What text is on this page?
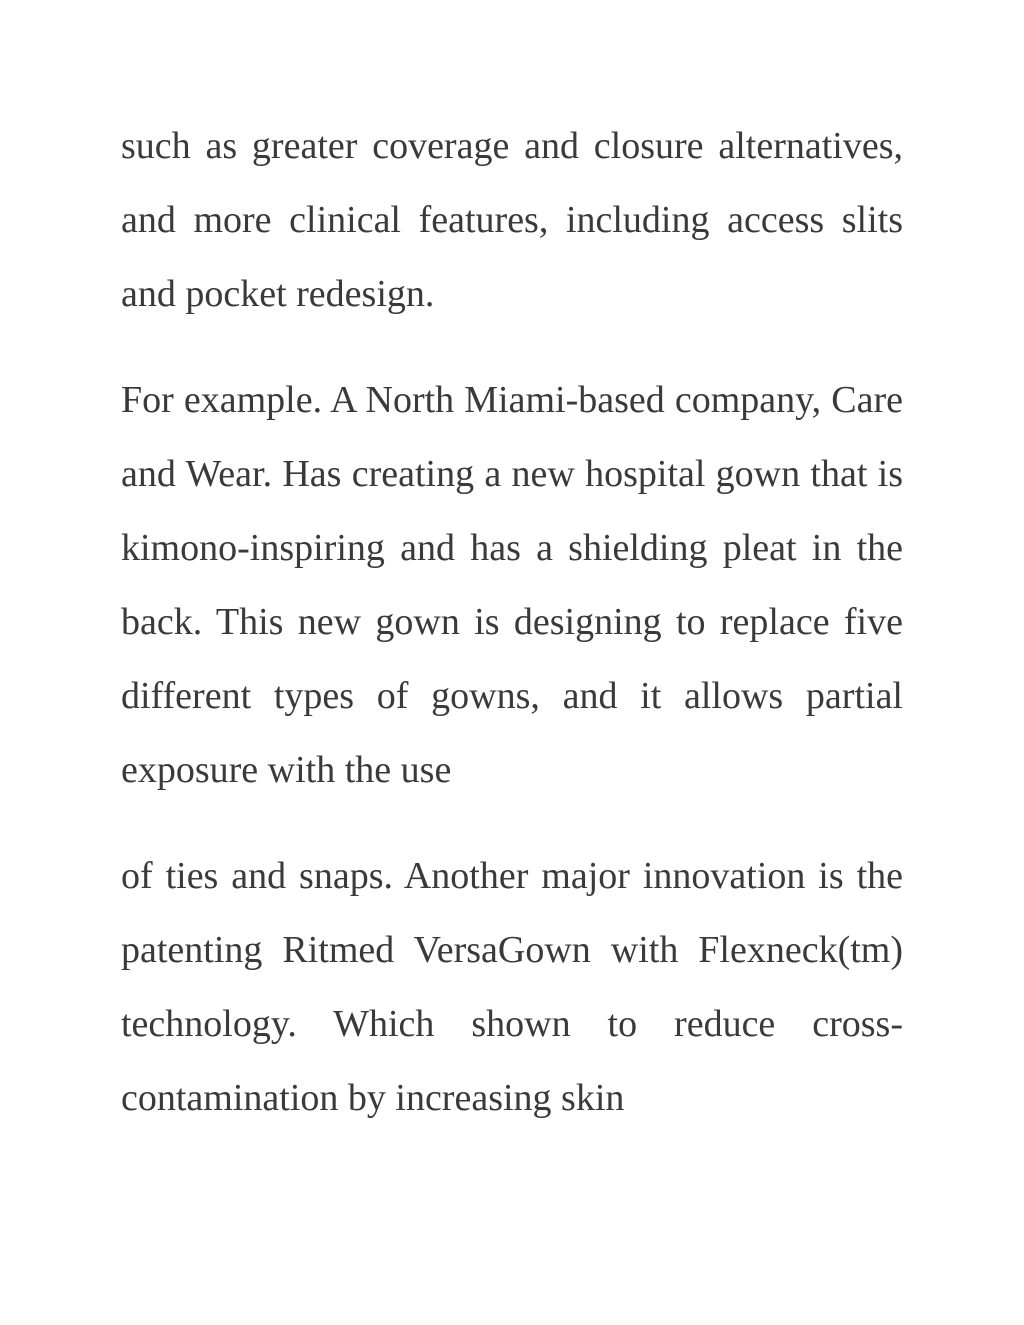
such as greater coverage and closure alternatives, and more clinical features, including access slits and pocket redesign.

For example. A North Miami-based company, Care and Wear. Has creating a new hospital gown that is kimono-inspiring and has a shielding pleat in the back. This new gown is designing to replace five different types of gowns, and it allows partial exposure with the use

of ties and snaps. Another major innovation is the patenting Ritmed VersaGown with Flexneck(tm) technology. Which shown to reduce cross-contamination by increasing skin
